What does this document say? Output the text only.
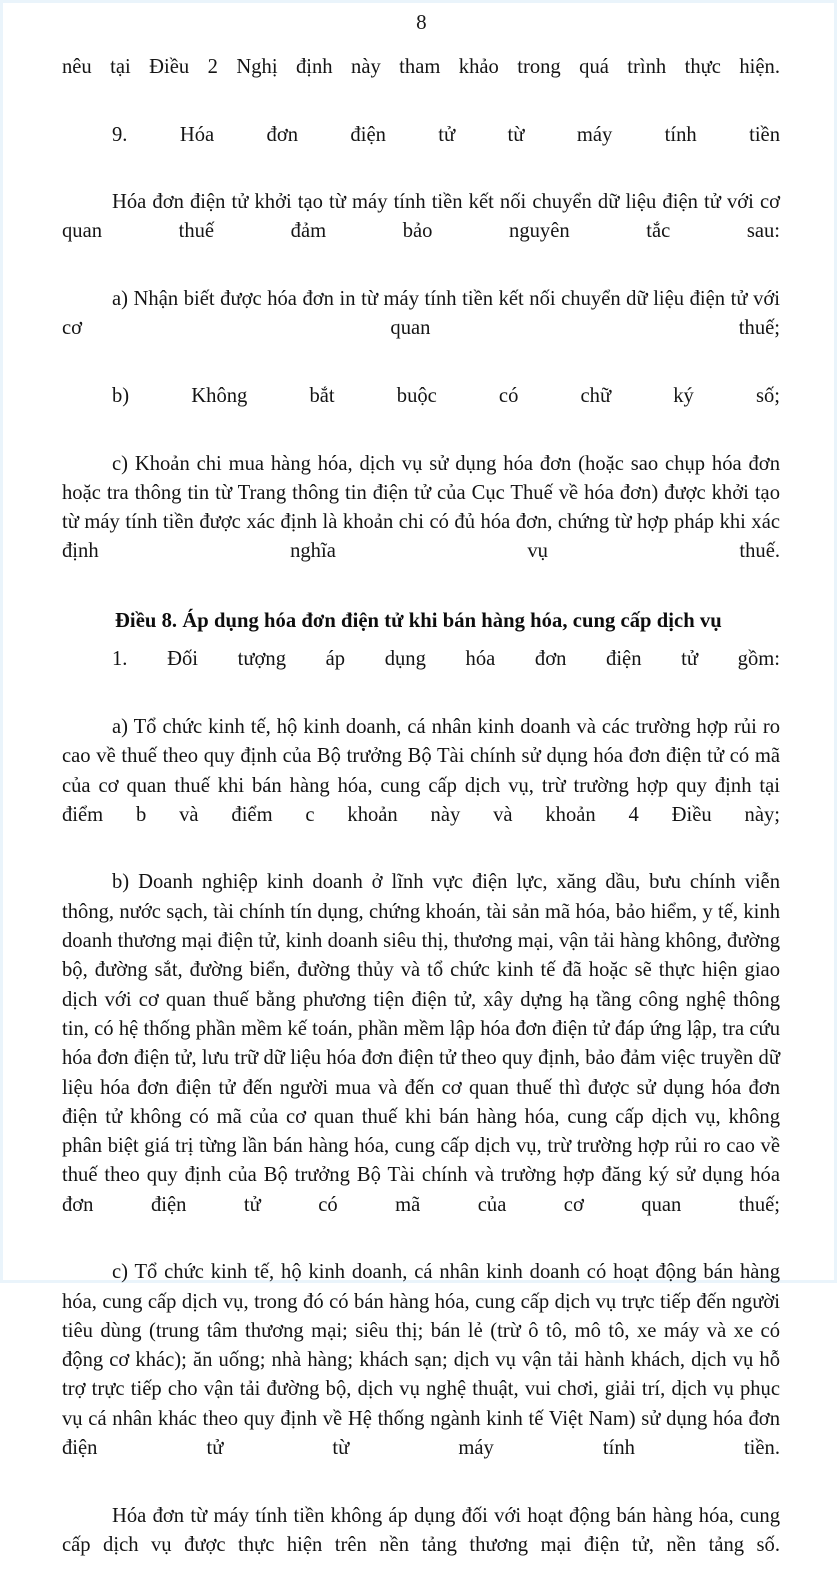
8

nêu tại Điều 2 Nghị định này tham khảo trong quá trình thực hiện.

9. Hóa đơn điện tử từ máy tính tiền

Hóa đơn điện tử khởi tạo từ máy tính tiền kết nối chuyển dữ liệu điện tử với cơ quan thuế đảm bảo nguyên tắc sau:

a) Nhận biết được hóa đơn in từ máy tính tiền kết nối chuyển dữ liệu điện tử với cơ quan thuế;

b) Không bắt buộc có chữ ký số;

c) Khoản chi mua hàng hóa, dịch vụ sử dụng hóa đơn (hoặc sao chụp hóa đơn hoặc tra thông tin từ Trang thông tin điện tử của Cục Thuế về hóa đơn) được khởi tạo từ máy tính tiền được xác định là khoản chi có đủ hóa đơn, chứng từ hợp pháp khi xác định nghĩa vụ thuế.

Điều 8. Áp dụng hóa đơn điện tử khi bán hàng hóa, cung cấp dịch vụ

1. Đối tượng áp dụng hóa đơn điện tử gồm:

a) Tổ chức kinh tế, hộ kinh doanh, cá nhân kinh doanh và các trường hợp rủi ro cao về thuế theo quy định của Bộ trưởng Bộ Tài chính sử dụng hóa đơn điện tử có mã của cơ quan thuế khi bán hàng hóa, cung cấp dịch vụ, trừ trường hợp quy định tại điểm b và điểm c khoản này và khoản 4 Điều này;

b) Doanh nghiệp kinh doanh ở lĩnh vực điện lực, xăng dầu, bưu chính viễn thông, nước sạch, tài chính tín dụng, chứng khoán, tài sản mã hóa, bảo hiểm, y tế, kinh doanh thương mại điện tử, kinh doanh siêu thị, thương mại, vận tải hàng không, đường bộ, đường sắt, đường biển, đường thủy và tổ chức kinh tế đã hoặc sẽ thực hiện giao dịch với cơ quan thuế bằng phương tiện điện tử, xây dựng hạ tầng công nghệ thông tin, có hệ thống phần mềm kế toán, phần mềm lập hóa đơn điện tử đáp ứng lập, tra cứu hóa đơn điện tử, lưu trữ dữ liệu hóa đơn điện tử theo quy định, bảo đảm việc truyền dữ liệu hóa đơn điện tử đến người mua và đến cơ quan thuế thì được sử dụng hóa đơn điện tử không có mã của cơ quan thuế khi bán hàng hóa, cung cấp dịch vụ, không phân biệt giá trị từng lần bán hàng hóa, cung cấp dịch vụ, trừ trường hợp rủi ro cao về thuế theo quy định của Bộ trưởng Bộ Tài chính và trường hợp đăng ký sử dụng hóa đơn điện tử có mã của cơ quan thuế;

c) Tổ chức kinh tế, hộ kinh doanh, cá nhân kinh doanh có hoạt động bán hàng hóa, cung cấp dịch vụ, trong đó có bán hàng hóa, cung cấp dịch vụ trực tiếp đến người tiêu dùng (trung tâm thương mại; siêu thị; bán lẻ (trừ ô tô, mô tô, xe máy và xe có động cơ khác); ăn uống; nhà hàng; khách sạn; dịch vụ vận tải hành khách, dịch vụ hỗ trợ trực tiếp cho vận tải đường bộ, dịch vụ nghệ thuật, vui chơi, giải trí, dịch vụ phục vụ cá nhân khác theo quy định về Hệ thống ngành kinh tế Việt Nam) sử dụng hóa đơn điện tử từ máy tính tiền.

Hóa đơn từ máy tính tiền không áp dụng đối với hoạt động bán hàng hóa, cung cấp dịch vụ được thực hiện trên nền tảng thương mại điện tử, nền tảng số.
